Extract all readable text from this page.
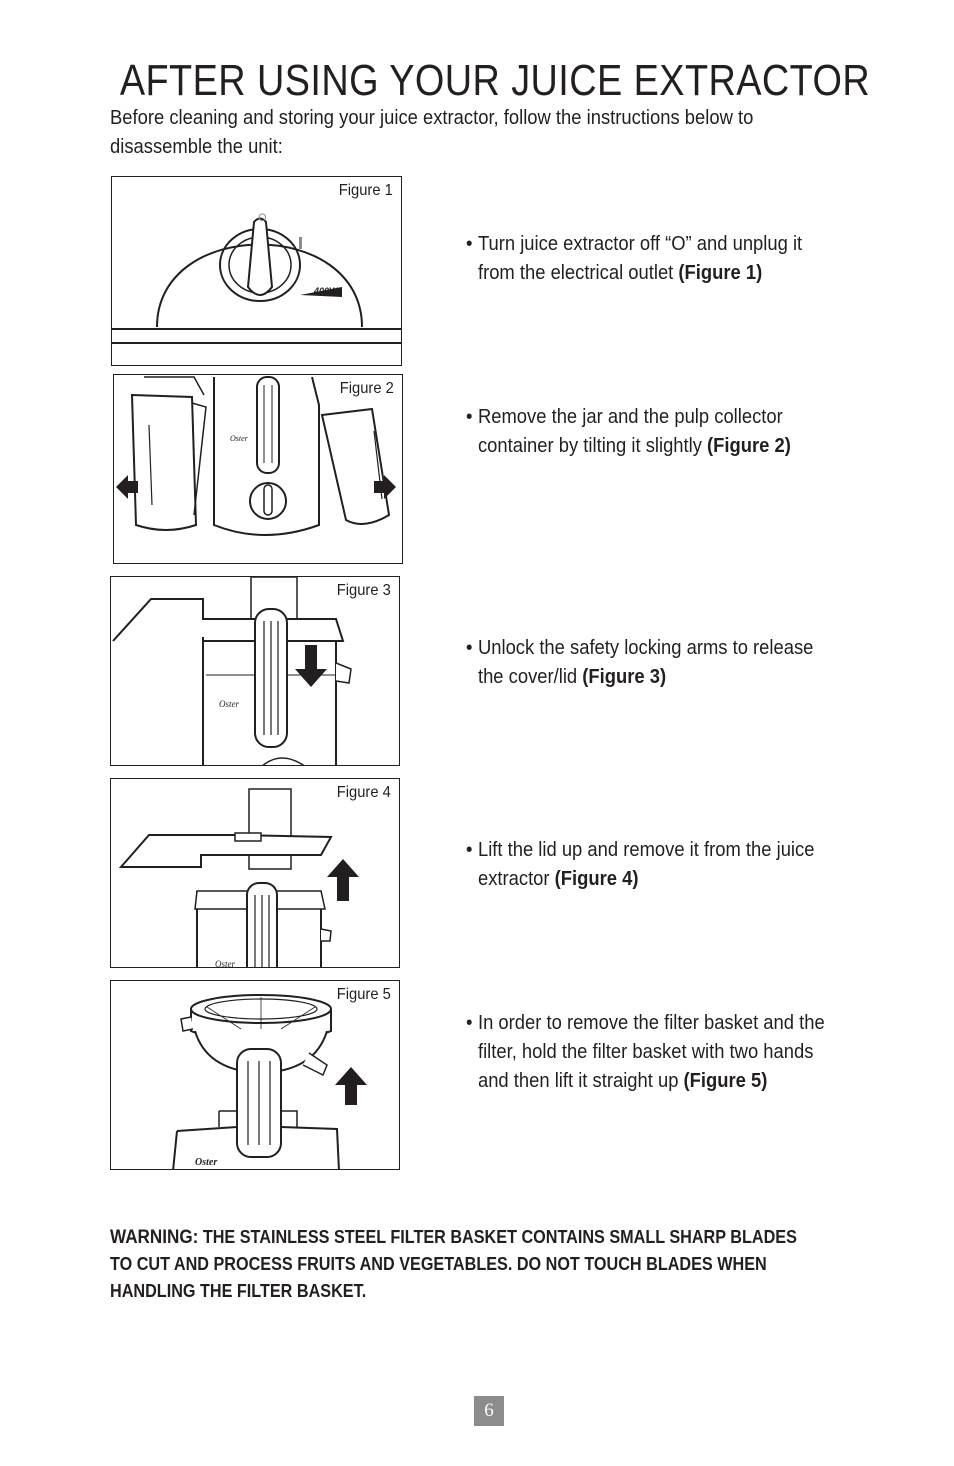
AFTER USING YOUR JUICE EXTRACTOR

Before cleaning and storing your juice extractor, follow the instructions below to disassemble the unit:

O
400W
Figure 1
Oster
Figure 2
Oster
Figure 3
Oster
Figure 4
Oster
Figure 5

• Turn juice extractor off “O” and unplug it
from the electrical outlet (Figure 1)

• Remove the jar and the pulp collector
container by tilting it slightly (Figure 2)

• Unlock the safety locking arms to release
the cover/lid (Figure 3)

• Lift the lid up and remove it from the juice
extractor (Figure 4)

• In order to remove the filter basket and the
filter, hold the filter basket with two hands
and then lift it straight up (Figure 5)

WARNING: THE STAINLESS STEEL FILTER BASKET CONTAINS SMALL SHARP BLADES
TO CUT AND PROCESS FRUITS AND VEGETABLES. DO NOT TOUCH BLADES WHEN
HANDLING THE FILTER BASKET.

6
